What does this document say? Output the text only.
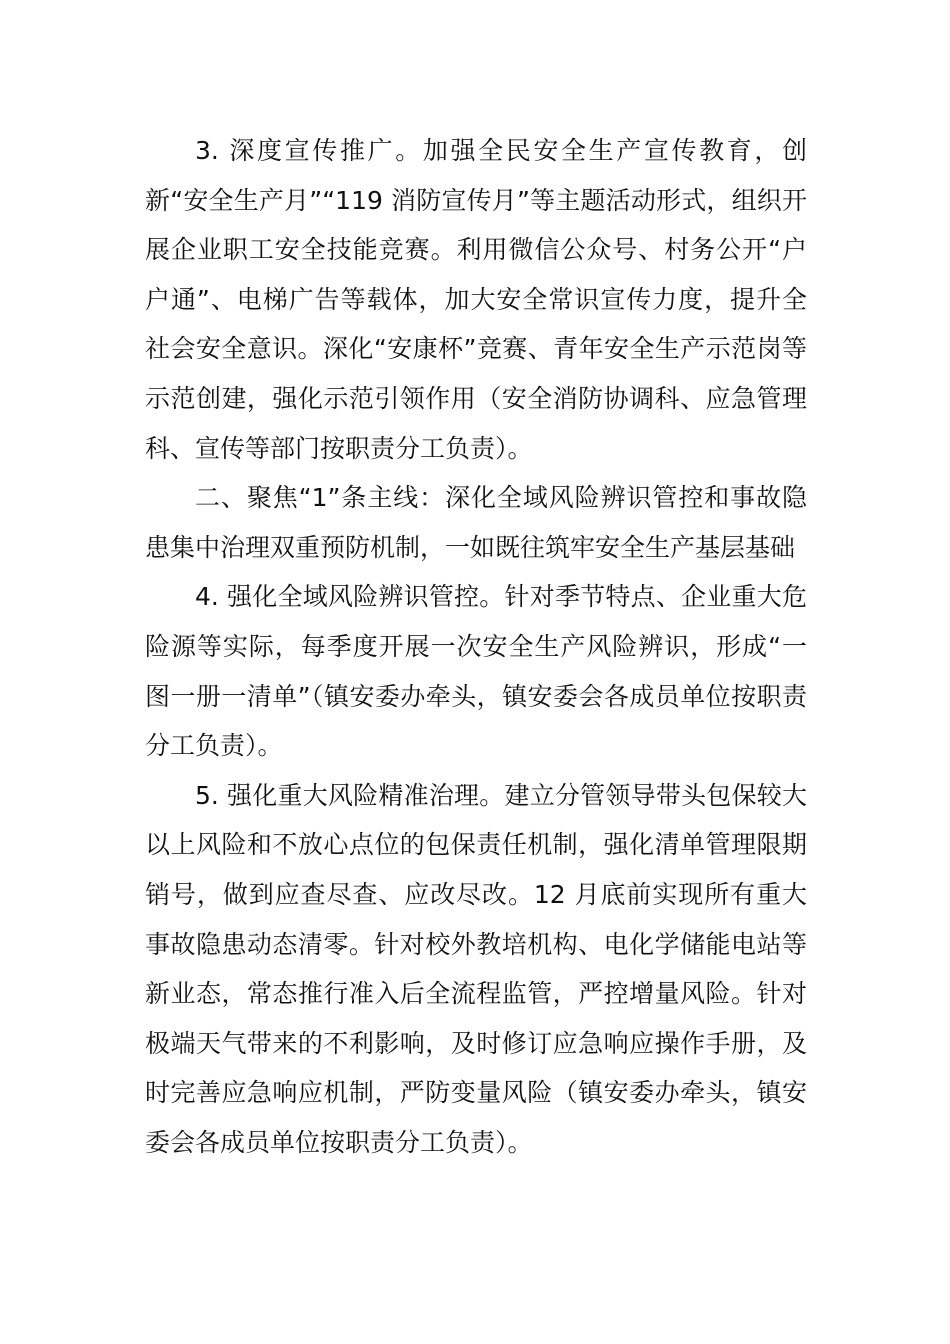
3. 深度宣传推广。加强全民安全生产宣传教育，创新“安全生产月”“119 消防宣传月”等主题活动形式，组织开展企业职工安全技能竞赛。利用微信公众号、村务公开“户户通”、电梯广告等载体，加大安全常识宣传力度，提升全社会安全意识。深化“安康杯”竞赛、青年安全生产示范岗等示范创建，强化示范引领作用（安全消防协调科、应急管理科、宣传等部门按职责分工负责）。

二、聚焦“1”条主线：深化全域风险辨识管控和事故隐患集中治理双重预防机制，一如既往筑牢安全生产基层基础

4. 强化全域风险辨识管控。针对季节特点、企业重大危险源等实际，每季度开展一次安全生产风险辨识，形成“一图一册一清单”（镇安委办牵头，镇安委会各成员单位按职责分工负责）。

5. 强化重大风险精准治理。建立分管领导带头包保较大以上风险和不放心点位的包保责任机制，强化清单管理限期销号，做到应查尽查、应改尽改。12 月底前实现所有重大事故隐患动态清零。针对校外教培机构、电化学储能电站等新业态，常态推行准入后全流程监管，严控增量风险。针对极端天气带来的不利影响，及时修订应急响应操作手册，及时完善应急响应机制，严防变量风险（镇安委办牵头，镇安委会各成员单位按职责分工负责）。
